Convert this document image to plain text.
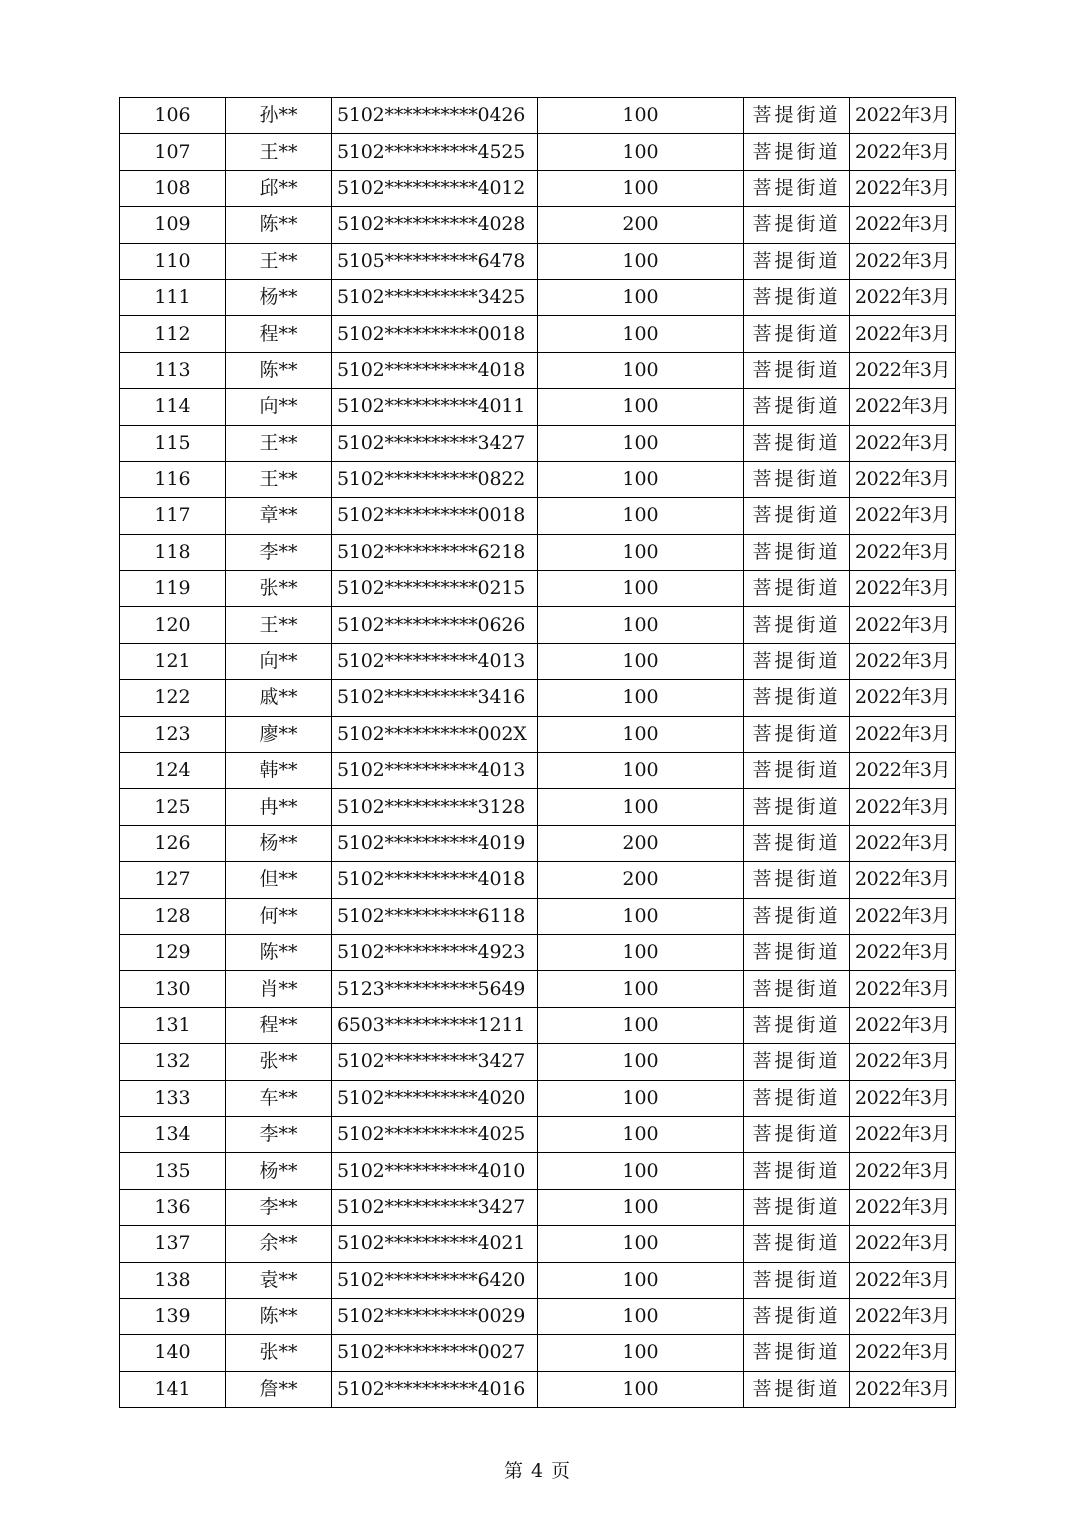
106	孙**	5102**********0426	100	菩提街道	2022年3月
107	王**	5102**********4525	100	菩提街道	2022年3月
108	邱**	5102**********4012	100	菩提街道	2022年3月
109	陈**	5102**********4028	200	菩提街道	2022年3月
110	王**	5105**********6478	100	菩提街道	2022年3月
111	杨**	5102**********3425	100	菩提街道	2022年3月
112	程**	5102**********0018	100	菩提街道	2022年3月
113	陈**	5102**********4018	100	菩提街道	2022年3月
114	向**	5102**********4011	100	菩提街道	2022年3月
115	王**	5102**********3427	100	菩提街道	2022年3月
116	王**	5102**********0822	100	菩提街道	2022年3月
117	章**	5102**********0018	100	菩提街道	2022年3月
118	李**	5102**********6218	100	菩提街道	2022年3月
119	张**	5102**********0215	100	菩提街道	2022年3月
120	王**	5102**********0626	100	菩提街道	2022年3月
121	向**	5102**********4013	100	菩提街道	2022年3月
122	戚**	5102**********3416	100	菩提街道	2022年3月
123	廖**	5102**********002X	100	菩提街道	2022年3月
124	韩**	5102**********4013	100	菩提街道	2022年3月
125	冉**	5102**********3128	100	菩提街道	2022年3月
126	杨**	5102**********4019	200	菩提街道	2022年3月
127	但**	5102**********4018	200	菩提街道	2022年3月
128	何**	5102**********6118	100	菩提街道	2022年3月
129	陈**	5102**********4923	100	菩提街道	2022年3月
130	肖**	5123**********5649	100	菩提街道	2022年3月
131	程**	6503**********1211	100	菩提街道	2022年3月
132	张**	5102**********3427	100	菩提街道	2022年3月
133	车**	5102**********4020	100	菩提街道	2022年3月
134	李**	5102**********4025	100	菩提街道	2022年3月
135	杨**	5102**********4010	100	菩提街道	2022年3月
136	李**	5102**********3427	100	菩提街道	2022年3月
137	余**	5102**********4021	100	菩提街道	2022年3月
138	袁**	5102**********6420	100	菩提街道	2022年3月
139	陈**	5102**********0029	100	菩提街道	2022年3月
140	张**	5102**********0027	100	菩提街道	2022年3月
141	詹**	5102**********4016	100	菩提街道	2022年3月
第 4 页
